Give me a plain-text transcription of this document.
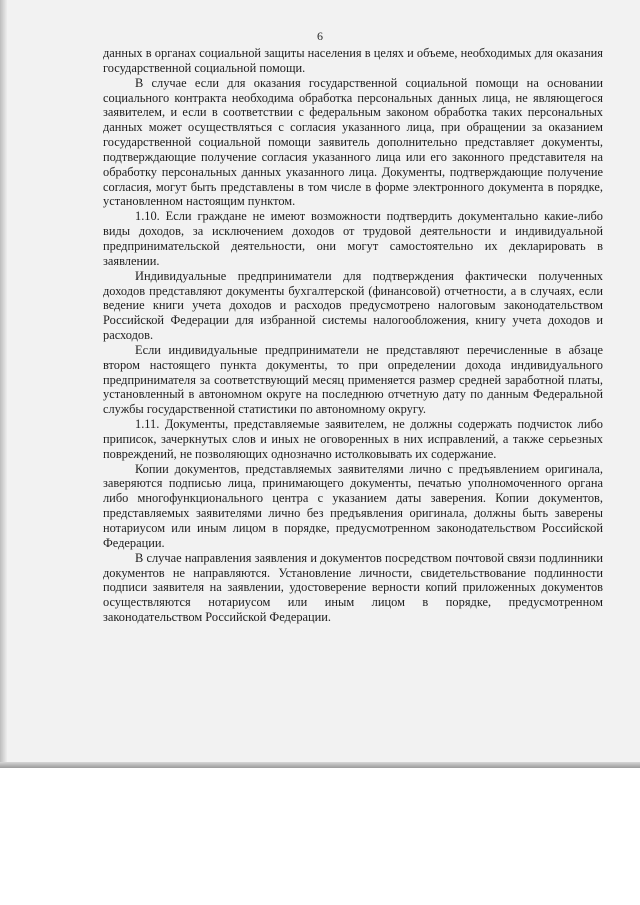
6

данных в органах социальной защиты населения в целях и объеме, необходимых для оказания государственной социальной помощи.

В случае если для оказания государственной социальной помощи на основании социального контракта необходима обработка персональных данных лица, не являющегося заявителем, и если в соответствии с федеральным законом обработка таких персональных данных может осуществляться с согласия указанного лица, при обращении за оказанием государственной социальной помощи заявитель дополнительно представляет документы, подтверждающие получение согласия указанного лица или его законного представителя на обработку персональных данных указанного лица. Документы, подтверждающие получение согласия, могут быть представлены в том числе в форме электронного документа в порядке, установленном настоящим пунктом.

1.10. Если граждане не имеют возможности подтвердить документально какие-либо виды доходов, за исключением доходов от трудовой деятельности и индивидуальной предпринимательской деятельности, они могут самостоятельно их декларировать в заявлении.

Индивидуальные предприниматели для подтверждения фактически полученных доходов представляют документы бухгалтерской (финансовой) отчетности, а в случаях, если ведение книги учета доходов и расходов предусмотрено налоговым законодательством Российской Федерации для избранной системы налогообложения, книгу учета доходов и расходов.

Если индивидуальные предприниматели не представляют перечисленные в абзаце втором настоящего пункта документы, то при определении дохода индивидуального предпринимателя за соответствующий месяц применяется размер средней заработной платы, установленный в автономном округе на последнюю отчетную дату по данным Федеральной службы государственной статистики по автономному округу.

1.11. Документы, представляемые заявителем, не должны содержать подчисток либо приписок, зачеркнутых слов и иных не оговоренных в них исправлений, а также серьезных повреждений, не позволяющих однозначно истолковывать их содержание.

Копии документов, представляемых заявителями лично с предъявлением оригинала, заверяются подписью лица, принимающего документы, печатью уполномоченного органа либо многофункционального центра с указанием даты заверения. Копии документов, представляемых заявителями лично без предъявления оригинала, должны быть заверены нотариусом или иным лицом в порядке, предусмотренном законодательством Российской Федерации.

В случае направления заявления и документов посредством почтовой связи подлинники документов не направляются. Установление личности, свидетельствование подлинности подписи заявителя на заявлении, удостоверение верности копий приложенных документов осуществляются нотариусом или иным лицом в порядке, предусмотренном законодательством Российской Федерации.
